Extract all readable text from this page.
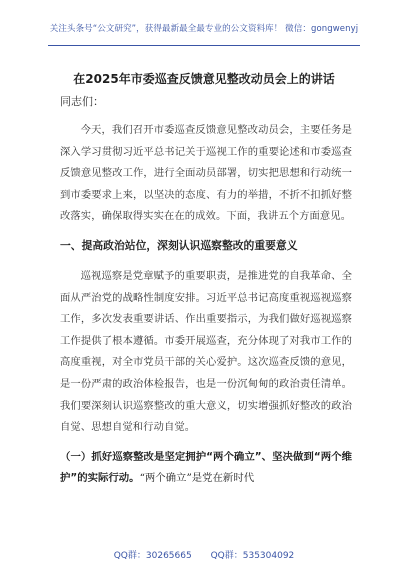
关注头条号“公文研究”，获得最新最全最专业的公文资料库！ 微信：gongwenyj
在2025年市委巡查反馈意见整改动员会上的讲话

同志们：

今天，我们召开市委巡查反馈意见整改动员会，主要任务是深入学习贯彻习近平总书记关于巡视工作的重要论述和市委巡查反馈意见整改工作，进行全面动员部署，切实把思想和行动统一到市委要求上来，以坚决的态度、有力的举措，不折不扣抓好整改落实，确保取得实实在在的成效。下面，我讲五个方面意见。

一、提高政治站位，深刻认识巡察整改的重要意义

巡视巡察是党章赋予的重要职责，是推进党的自我革命、全面从严治党的战略性制度安排。习近平总书记高度重视巡视巡察工作，多次发表重要讲话、作出重要指示，为我们做好巡视巡察工作提供了根本遵循。市委开展巡查，充分体现了对我市工作的高度重视，对全市党员干部的关心爱护。这次巡查反馈的意见，是一份严肃的政治体检报告，也是一份沉甸甸的政治责任清单。我们要深刻认识巡察整改的重大意义，切实增强抓好整改的政治自觉、思想自觉和行动自觉。

（一）抓好巡察整改是坚定拥护“两个确立”、坚决做到“两个维护”的实际行动。“两个确立”是党在新时代

QQ群：30265665 QQ群：535304092
